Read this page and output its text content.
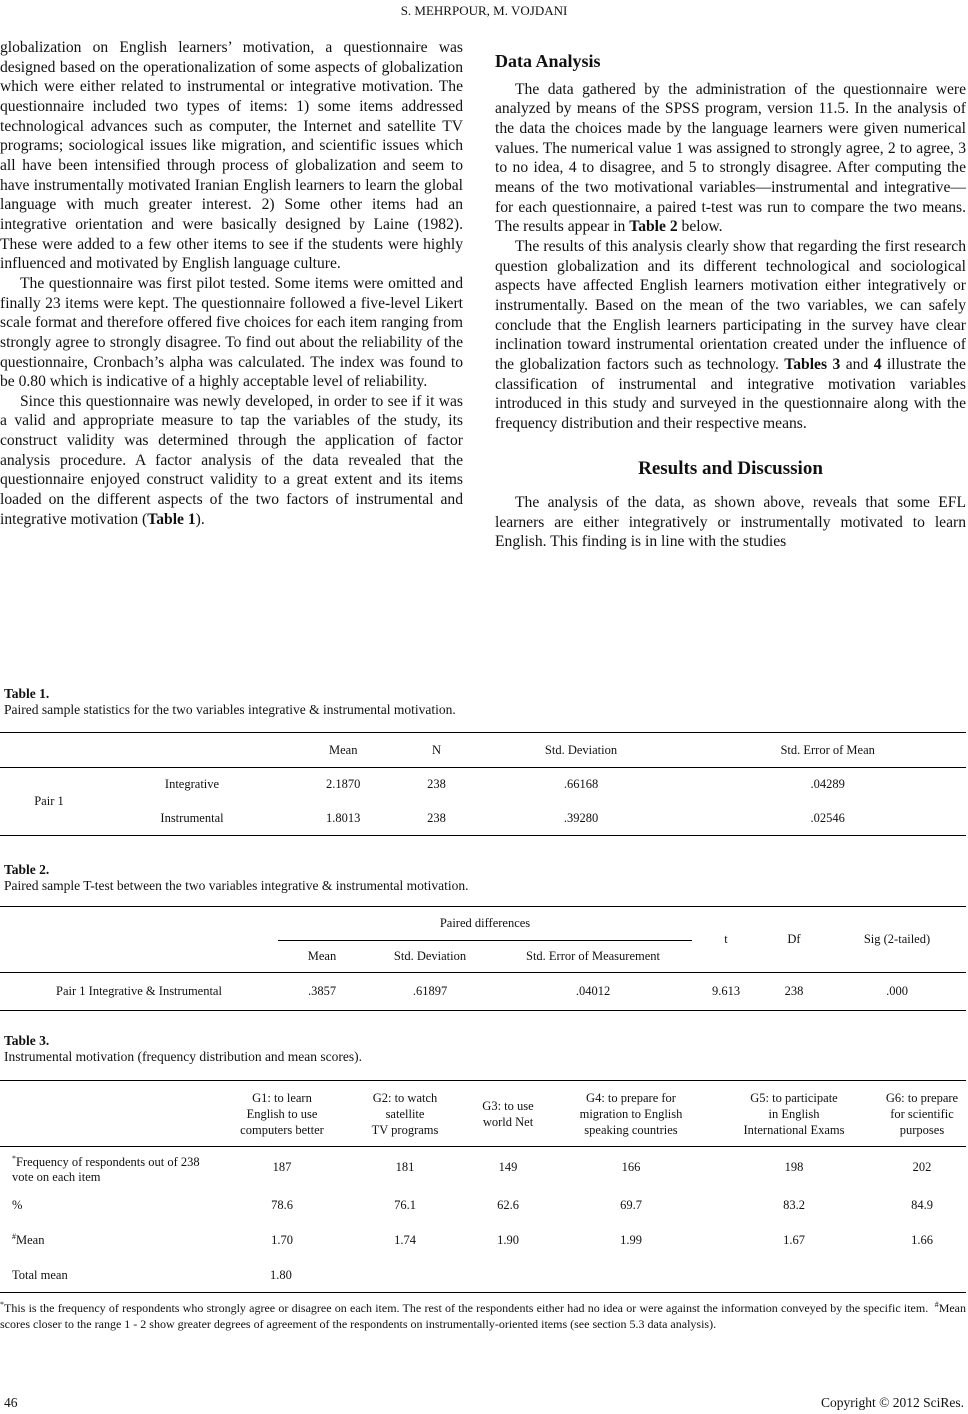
S. MEHRPOUR, M. VOJDANI

globalization on English learners’ motivation, a questionnaire was designed based on the operationalization of some aspects of globalization which were either related to instrumental or integrative motivation. The questionnaire included two types of items: 1) some items addressed technological advances such as computer, the Internet and satellite TV programs; sociological issues like migration, and scientific issues which all have been intensified through process of globalization and seem to have instrumentally motivated Iranian English learners to learn the global language with much greater interest. 2) Some other items had an integrative orientation and were basically designed by Laine (1982). These were added to a few other items to see if the students were highly influenced and motivated by English language culture.

The questionnaire was first pilot tested. Some items were omitted and finally 23 items were kept. The questionnaire followed a five-level Likert scale format and therefore offered five choices for each item ranging from strongly agree to strongly disagree. To find out about the reliability of the questionnaire, Cronbach’s alpha was calculated. The index was found to be 0.80 which is indicative of a highly acceptable level of reliability.

Since this questionnaire was newly developed, in order to see if it was a valid and appropriate measure to tap the variables of the study, its construct validity was determined through the application of factor analysis procedure. A factor analysis of the data revealed that the questionnaire enjoyed construct validity to a great extent and its items loaded on the different aspects of the two factors of instrumental and integrative motivation (Table 1).

Data Analysis

The data gathered by the administration of the questionnaire were analyzed by means of the SPSS program, version 11.5. In the analysis of the data the choices made by the language learners were given numerical values. The numerical value 1 was assigned to strongly agree, 2 to agree, 3 to no idea, 4 to disagree, and 5 to strongly disagree. After computing the means of the two motivational variables—instrumental and integrative—for each questionnaire, a paired t-test was run to compare the two means. The results appear in Table 2 below.

The results of this analysis clearly show that regarding the first research question globalization and its different technological and sociological aspects have affected English learners motivation either integratively or instrumentally. Based on the mean of the two variables, we can safely conclude that the English learners participating in the survey have clear inclination toward instrumental orientation created under the influence of the globalization factors such as technology. Tables 3 and 4 illustrate the classification of instrumental and integrative motivation variables introduced in this study and surveyed in the questionnaire along with the frequency distribution and their respective means.

Results and Discussion

The analysis of the data, as shown above, reveals that some EFL learners are either integratively or instrumentally motivated to learn English. This finding is in line with the studies

Table 1.
Paired sample statistics for the two variables integrative & instrumental motivation.
		Mean	N	Std. Deviation	Std. Error of Mean
Pair 1	Integrative	2.1870	238	.66168	.04289
	Instrumental	1.8013	238	.39280	.02546
Table 2.
Paired sample T-test between the two variables integrative & instrumental motivation.
	Paired differences			t	Df	Sig (2-tailed)
	Mean	Std. Deviation	Std. Error of Measurement			
Pair 1 Integrative & Instrumental	.3857	.61897	.04012	9.613	238	.000
Table 3.
Instrumental motivation (frequency distribution and mean scores).
	G1: to learn
English to use
computers better	G2: to watch
satellite
TV programs	G3: to use
world Net	G4: to prepare for
migration to English
speaking countries	G5: to participate
in English
International Exams	G6: to prepare
for scientific
purposes
*Frequency of respondents out of 238 vote on each item	187	181	149	166	198	202
%	78.6	76.1	62.6	69.7	83.2	84.9
#Mean	1.70	1.74	1.90	1.99	1.67	1.66
Total mean	1.80					
*This is the frequency of respondents who strongly agree or disagree on each item. The rest of the respondents either had no idea or were against the information conveyed by the specific item. #Mean scores closer to the range 1 - 2 show greater degrees of agreement of the respondents on instrumentally-oriented items (see section 5.3 data analysis).
46	Copyright © 2012 SciRes.
